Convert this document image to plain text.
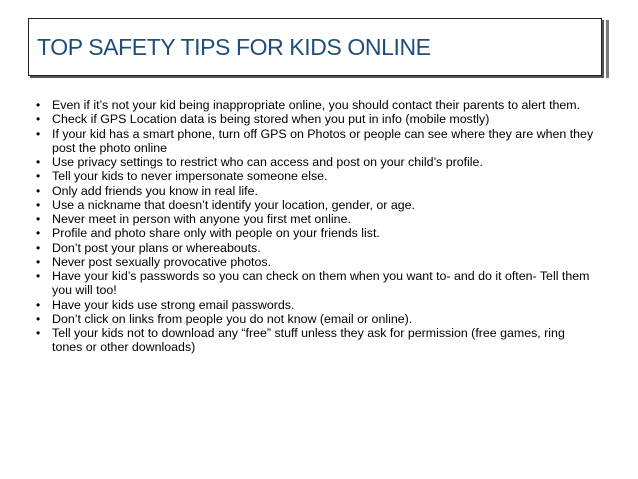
TOP SAFETY TIPS FOR KIDS ONLINE
• Even if it’s not your kid being inappropriate online, you should contact their parents to alert them.
• Check if GPS Location data is being stored when you put in info (mobile mostly)
• If your kid has a smart phone, turn off GPS on Photos or people can see where they are when they post the photo online
• Use privacy settings to restrict who can access and post on your child’s profile.
• Tell your kids to never impersonate someone else.
• Only add friends you know in real life.
• Use a nickname that doesn’t identify your location, gender, or age.
• Never meet in person with anyone you first met online.
• Profile and photo share only with people on your friends list.
• Don’t post your plans or whereabouts.
• Never post sexually provocative photos.
• Have your kid’s passwords so you can check on them when you want to- and do it often- Tell them you will too!
• Have your kids use strong email passwords.
• Don’t click on links from people you do not know (email or online).
• Tell your kids not to download any “free” stuff unless they ask for permission (free games, ring tones or other downloads)
